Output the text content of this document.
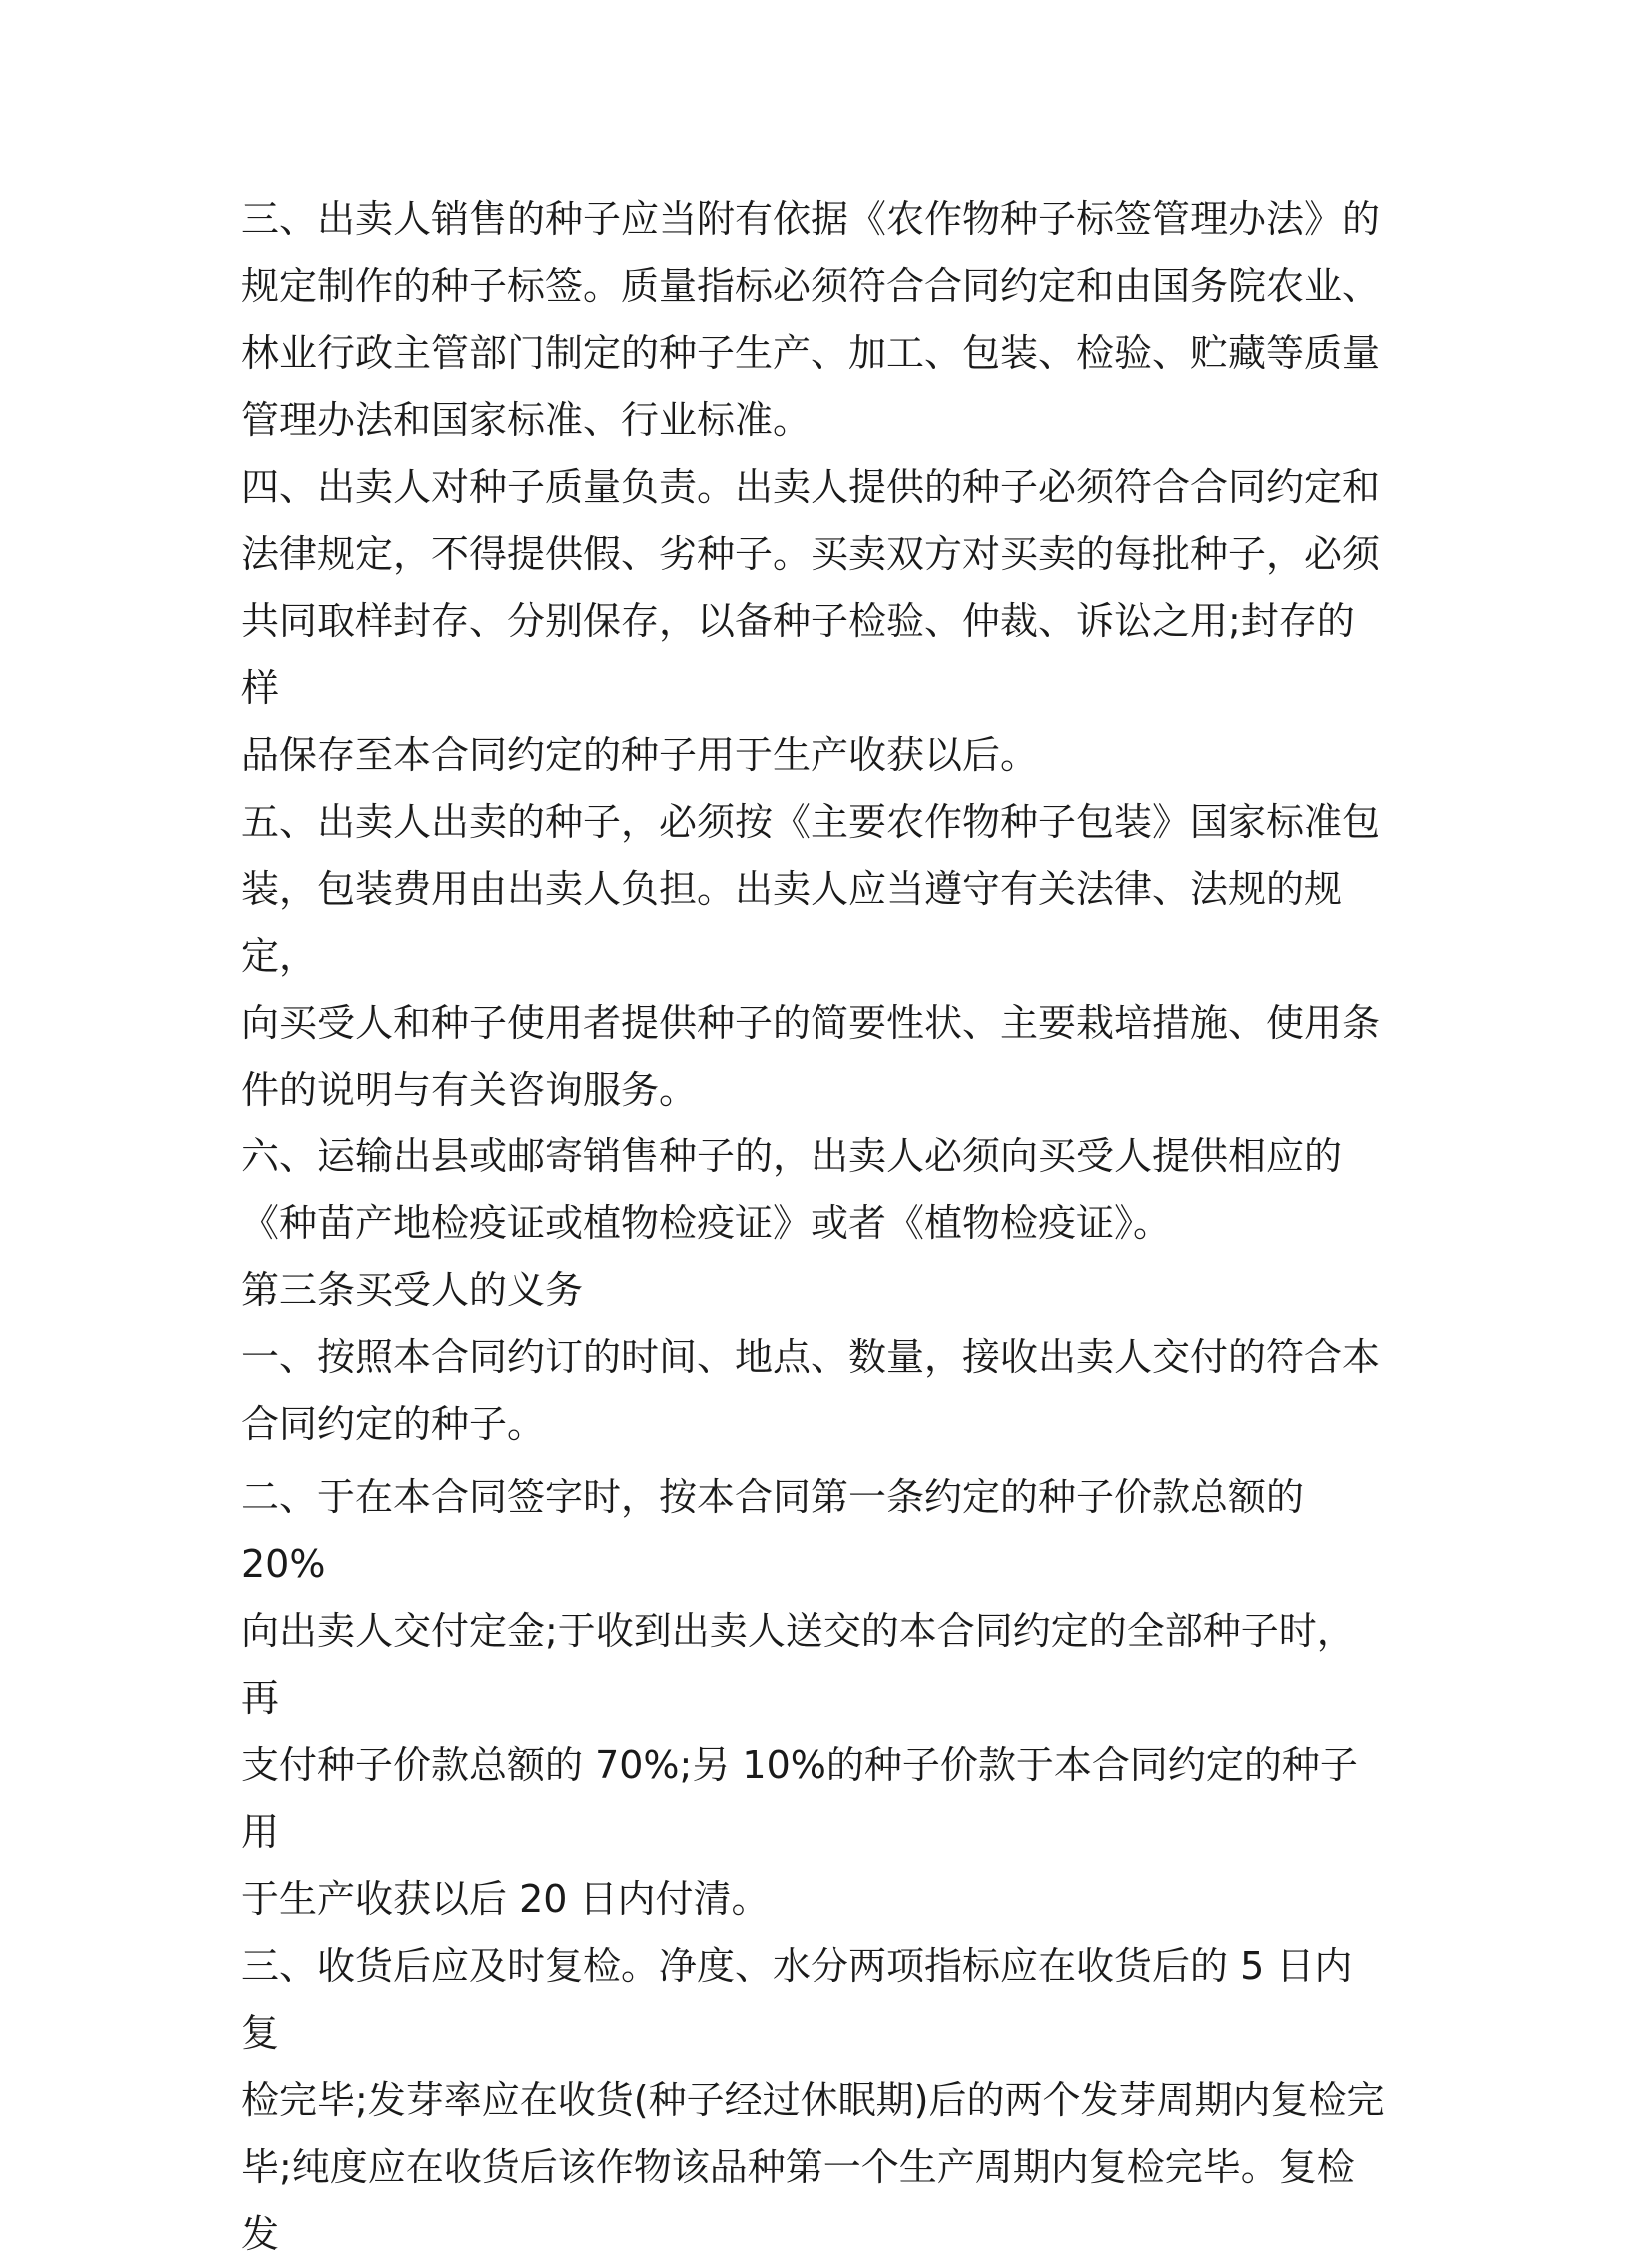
三、出卖人销售的种子应当附有依据《农作物种子标签管理办法》的
规定制作的种子标签。质量指标必须符合合同约定和由国务院农业、
林业行政主管部门制定的种子生产、加工、包装、检验、贮藏等质量
管理办法和国家标准、行业标准。

四、出卖人对种子质量负责。出卖人提供的种子必须符合合同约定和
法律规定，不得提供假、劣种子。买卖双方对买卖的每批种子，必须
共同取样封存、分别保存，以备种子检验、仲裁、诉讼之用;封存的样
品保存至本合同约定的种子用于生产收获以后。

五、出卖人出卖的种子，必须按《主要农作物种子包装》国家标准包
装，包装费用由出卖人负担。出卖人应当遵守有关法律、法规的规定，
向买受人和种子使用者提供种子的简要性状、主要栽培措施、使用条
件的说明与有关咨询服务。

六、运输出县或邮寄销售种子的，出卖人必须向买受人提供相应的
《种苗产地检疫证或植物检疫证》或者《植物检疫证》。

第三条买受人的义务

一、按照本合同约订的时间、地点、数量，接收出卖人交付的符合本
合同约定的种子。

二、于在本合同签字时，按本合同第一条约定的种子价款总额的 20%
向出卖人交付定金;于收到出卖人送交的本合同约定的全部种子时，再
支付种子价款总额的 70%;另 10%的种子价款于本合同约定的种子用
于生产收获以后 20 日内付清。

三、收货后应及时复检。净度、水分两项指标应在收货后的 5 日内复
检完毕;发芽率应在收货(种子经过休眠期)后的两个发芽周期内复检完
毕;纯度应在收货后该作物该品种第一个生产周期内复检完毕。复检发
